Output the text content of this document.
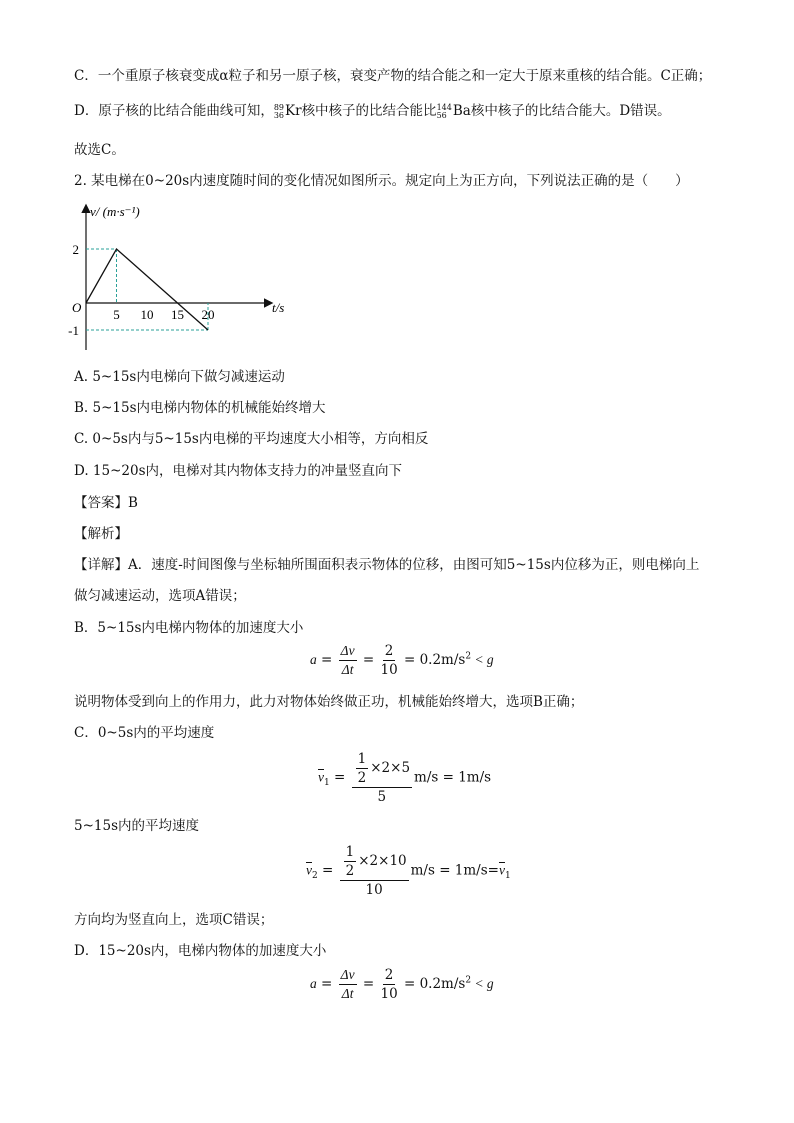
C．一个重原子核衰变成α粒子和另一原子核，衰变产物的结合能之和一定大于原来重核的结合能。C正确；
D．原子核的比结合能曲线可知， 89
36 Kr核中核子的比结合能比 144
56 Ba核中核子的比结合能大。D错误。
故选C。
2. 某电梯在0~20s内速度随时间的变化情况如图所示。规定向上为正方向，下列说法正确的是（　　）
v/ (m·s⁻¹)
t/s
O 5 10 15 20
2
-1
A. 5~15s内电梯向下做匀减速运动
B. 5~15s内电梯内物体的机械能始终增大
C. 0~5s内与5~15s内电梯的平均速度大小相等，方向相反
D. 15~20s内，电梯对其内物体支持力的冲量竖直向下
【答案】B
【解析】
【详解】A．速度-时间图像与坐标轴所围面积表示物体的位移，由图可知5~15s内位移为正，则电梯向上
做匀减速运动，选项A错误；
B．5~15s内电梯内物体的加速度大小
$a = \frac{\Delta v}{\Delta t} = \frac{2}{10} = 0.2m/s^2 < g$
说明物体受到向上的作用力，此力对物体始终做正功，机械能始终增大，选项B正确；
C．0~5s内的平均速度
$\overline{v}_1 = \frac{\frac{1}{2} \times 2\times 5}{5} m/s = 1m/s$
5~15s内的平均速度
$\overline{v}_2 = \frac{\frac{1}{2} \times 2\times 10}{10} m/s = 1m/s=\overline{v}_1$
方向均为竖直向上，选项C错误；
D．15~20s内，电梯内物体的加速度大小
$a = \frac{\Delta v}{\Delta t} = \frac{2}{10} = 0.2m/s^2 < g$
